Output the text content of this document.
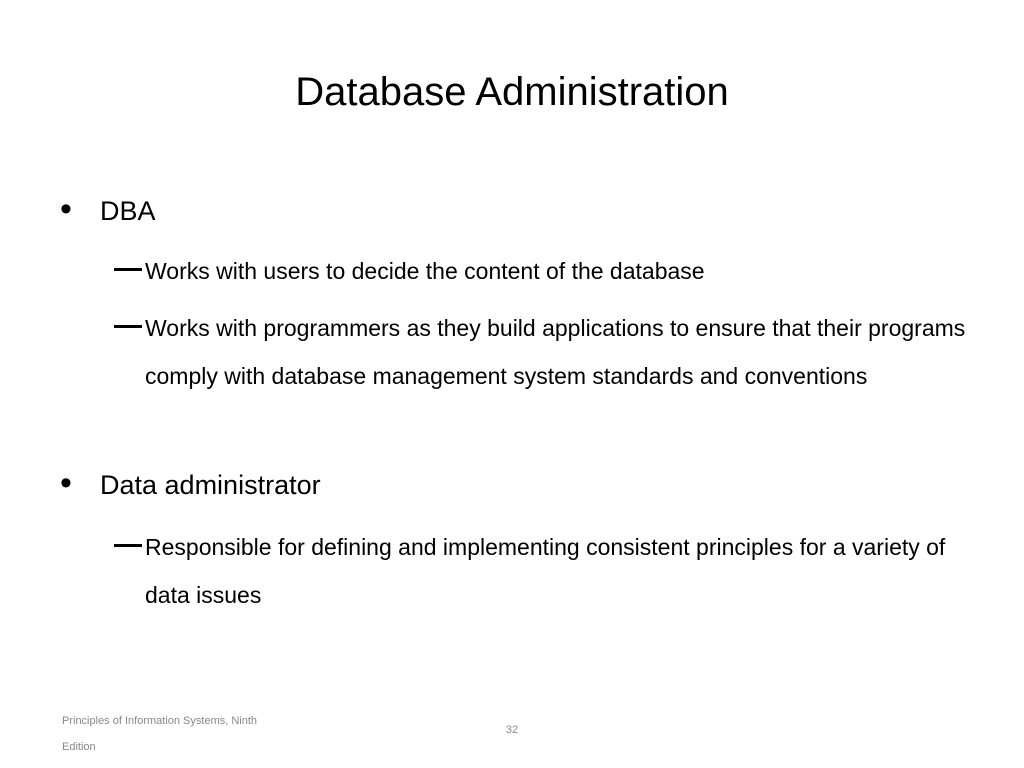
Database Administration
• DBA
Works with users to decide the content of the database
Works with programmers as they build applications to ensure that their programs comply with database management system standards and conventions
• Data administrator
Responsible for defining and implementing consistent principles for a variety of data issues
Principles of Information Systems, Ninth Edition
32
